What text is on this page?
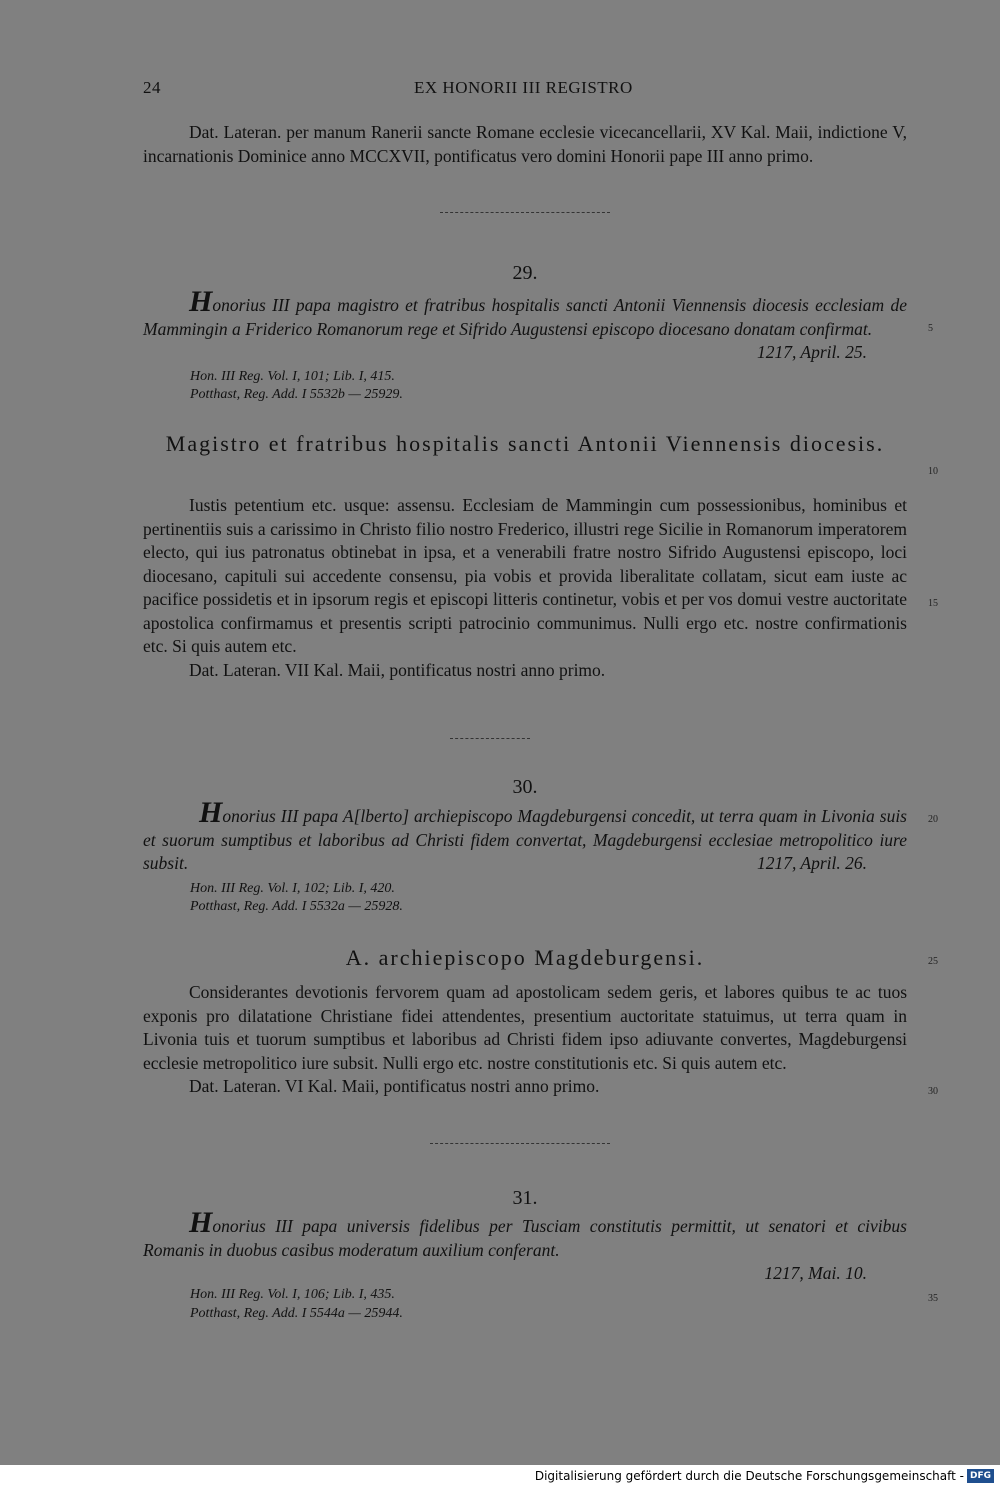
24	EX HONORII III REGISTRO

Dat. Lateran. per manum Ranerii sancte Romane ecclesie vicecancellarii, XV Kal. Maii, indictione V, incarnationis Dominice anno MCCXVII, pontificatus vero domini Honorii pape III anno primo.

29.
Honorius III papa magistro et fratribus hospitalis sancti Antonii Viennensis diocesis ecclesiam de Mammingin a Friderico Romanorum rege et Sifrido Augustensi episcopo diocesano donatam confirmat.
1217, April. 25.
Hon. III Reg. Vol. I, 101; Lib. I, 415.
Potthast, Reg. Add. I 5532b — 25929.
Magistro et fratribus hospitalis sancti Antonii Viennensis diocesis.

Iustis petentium etc. usque: assensu. Ecclesiam de Mammingin cum possessionibus, hominibus et pertinentiis suis a carissimo in Christo filio nostro Frederico, illustri rege Sicilie in Romanorum imperatorem electo, qui ius patronatus obtinebat in ipsa, et a venerabili fratre nostro Sifrido Augustensi episcopo, loci diocesano, capituli sui accedente consensu, pia vobis et provida liberalitate collatam, sicut eam iuste ac pacifice possidetis et in ipsorum regis et episcopi litteris continetur, vobis et per vos domui vestre auctoritate apostolica confirmamus et presentis scripti patrocinio communimus. Nulli ergo etc. nostre confirmationis etc. Si quis autem etc.

Dat. Lateran. VII Kal. Maii, pontificatus nostri anno primo.

30.
Honorius III papa A[lberto] archiepiscopo Magdeburgensi concedit, ut terra quam in Livonia suis et suorum sumptibus et laboribus ad Christi fidem convertat, Magdeburgensi ecclesiae metropolitico iure subsit.	1217, April. 26.
Hon. III Reg. Vol. I, 102; Lib. I, 420.
Potthast, Reg. Add. I 5532a — 25928.
A. archiepiscopo Magdeburgensi.

Considerantes devotionis fervorem quam ad apostolicam sedem geris, et labores quibus te ac tuos exponis pro dilatatione Christiane fidei attendentes, presentium auctoritate statuimus, ut terra quam in Livonia tuis et tuorum sumptibus et laboribus ad Christi fidem ipso adiuvante convertes, Magdeburgensi ecclesie metropolitico iure subsit. Nulli ergo etc. nostre constitutionis etc. Si quis autem etc.

Dat. Lateran. VI Kal. Maii, pontificatus nostri anno primo.

31.
Honorius III papa universis fidelibus per Tusciam constitutis permittit, ut senatori et civibus Romanis in duobus casibus moderatum auxilium conferant.
1217, Mai. 10.
Hon. III Reg. Vol. I, 106; Lib. I, 435.
Potthast, Reg. Add. I 5544a — 25944.
5
10
15
20
25
30
35
Digitalisierung gefördert durch die Deutsche Forschungsgemeinschaft - DFG
